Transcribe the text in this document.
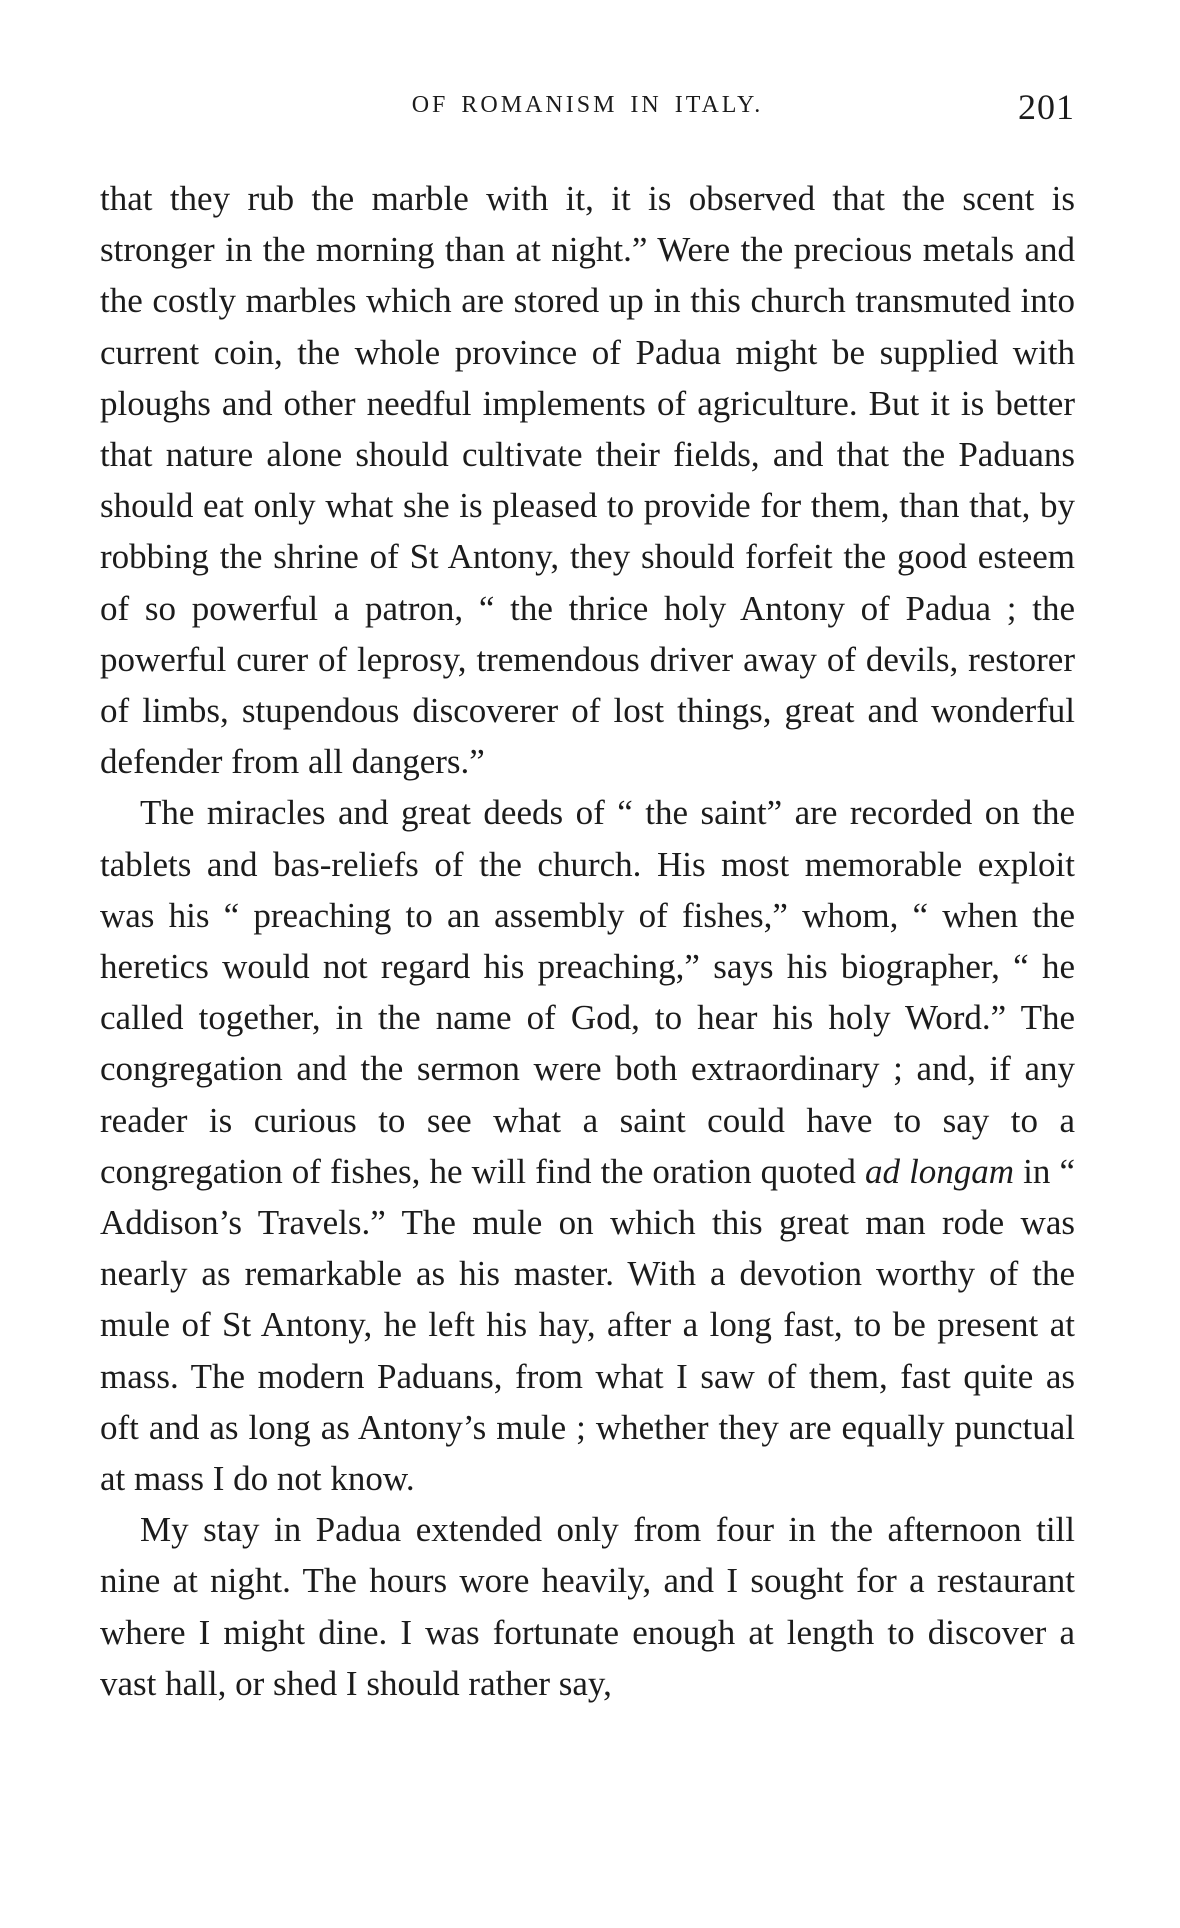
OF ROMANISM IN ITALY.	201

that they rub the marble with it, it is observed that the scent is stronger in the morning than at night.” Were the precious metals and the costly marbles which are stored up in this church transmuted into current coin, the whole province of Padua might be supplied with ploughs and other needful implements of agriculture. But it is better that nature alone should cultivate their fields, and that the Paduans should eat only what she is pleased to provide for them, than that, by robbing the shrine of St Antony, they should forfeit the good esteem of so powerful a patron, “ the thrice holy Antony of Padua ; the powerful curer of leprosy, tremendous driver away of devils, restorer of limbs, stupendous discoverer of lost things, great and wonderful defender from all dangers.”

The miracles and great deeds of “ the saint” are recorded on the tablets and bas-reliefs of the church. His most memorable exploit was his “ preaching to an assembly of fishes,” whom, “ when the heretics would not regard his preaching,” says his biographer, “ he called together, in the name of God, to hear his holy Word.” The congregation and the sermon were both extraordinary ; and, if any reader is curious to see what a saint could have to say to a congregation of fishes, he will find the oration quoted ad longam in “ Addison’s Travels.” The mule on which this great man rode was nearly as remarkable as his master. With a devotion worthy of the mule of St Antony, he left his hay, after a long fast, to be present at mass. The modern Paduans, from what I saw of them, fast quite as oft and as long as Antony’s mule ; whether they are equally punctual at mass I do not know.

My stay in Padua extended only from four in the afternoon till nine at night. The hours wore heavily, and I sought for a restaurant where I might dine. I was fortunate enough at length to discover a vast hall, or shed I should rather say,
